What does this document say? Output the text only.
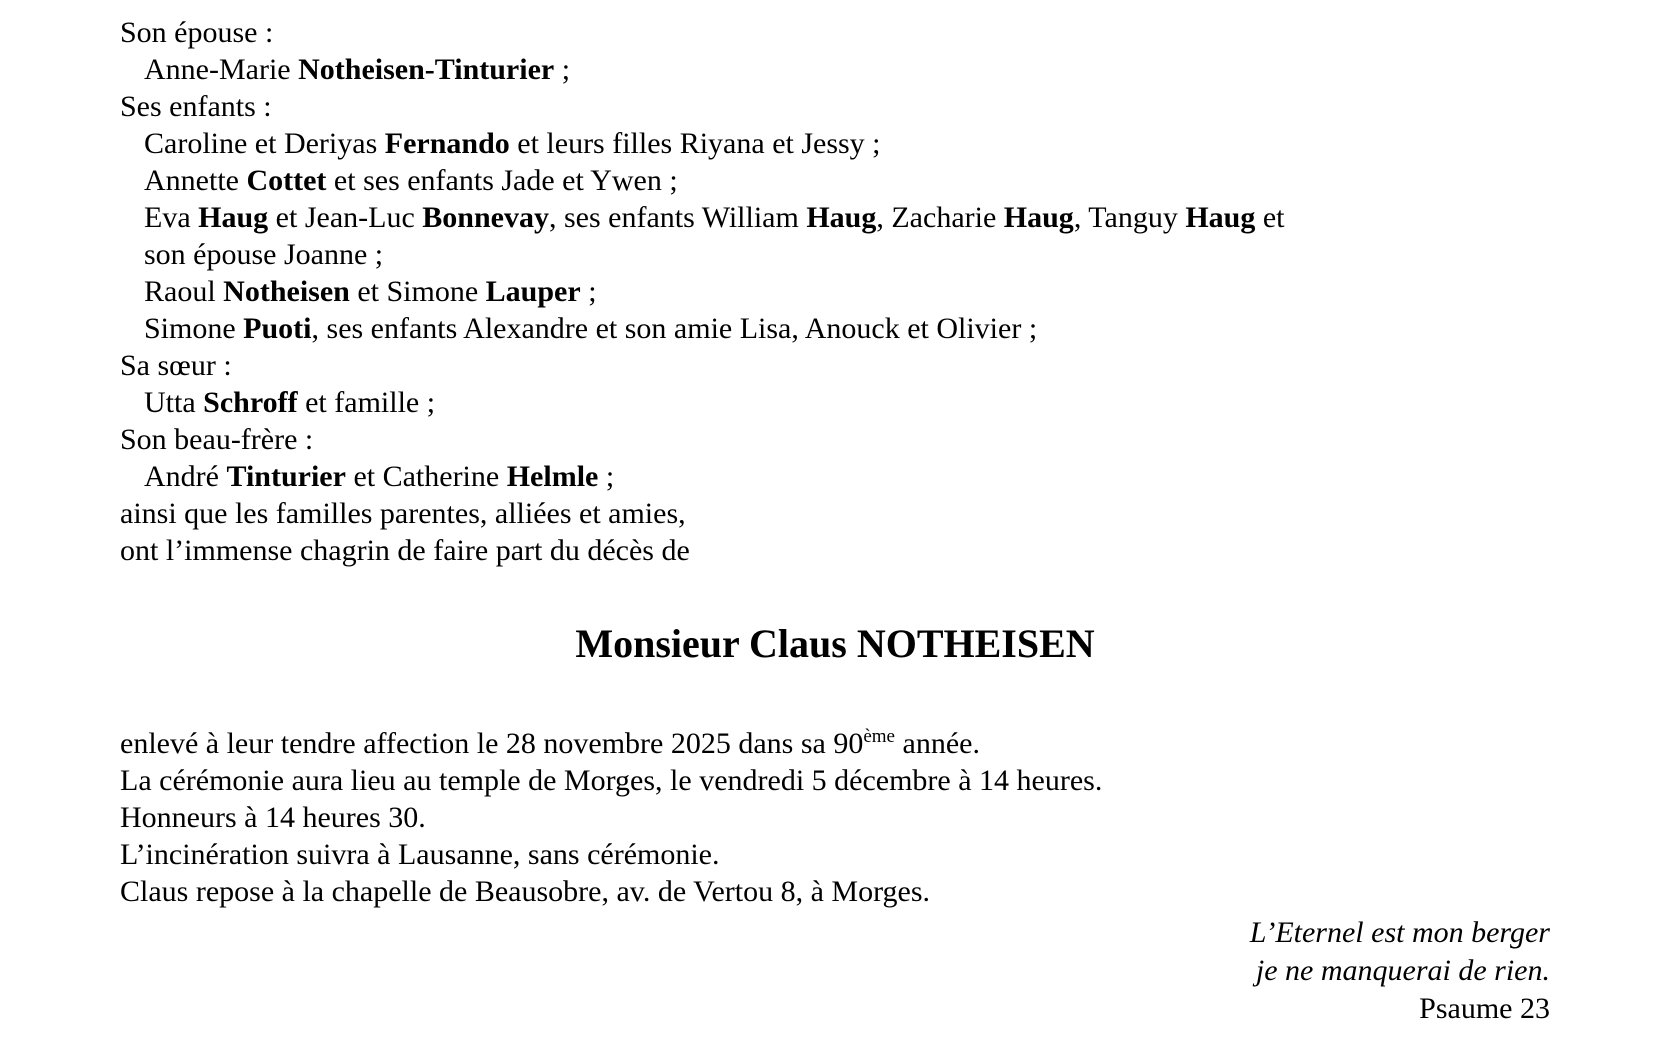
Son épouse :
Anne-Marie Notheisen-Tinturier ;
Ses enfants :
Caroline et Deriyas Fernando et leurs filles Riyana et Jessy ;
Annette Cottet et ses enfants Jade et Ywen ;
Eva Haug et Jean-Luc Bonnevay, ses enfants William Haug, Zacharie Haug, Tanguy Haug et
son épouse Joanne ;
Raoul Notheisen et Simone Lauper ;
Simone Puoti, ses enfants Alexandre et son amie Lisa, Anouck et Olivier ;
Sa sœur :
Utta Schroff et famille ;
Son beau-frère :
André Tinturier et Catherine Helmle ;
ainsi que les familles parentes, alliées et amies,
ont l’immense chagrin de faire part du décès de
Monsieur Claus NOTHEISEN
enlevé à leur tendre affection le 28 novembre 2025 dans sa 90ème année.
La cérémonie aura lieu au temple de Morges, le vendredi 5 décembre à 14 heures.
Honneurs à 14 heures 30.
L’incinération suivra à Lausanne, sans cérémonie.
Claus repose à la chapelle de Beausobre, av. de Vertou 8, à Morges.
L’Eternel est mon berger
je ne manquerai de rien.
Psaume 23
